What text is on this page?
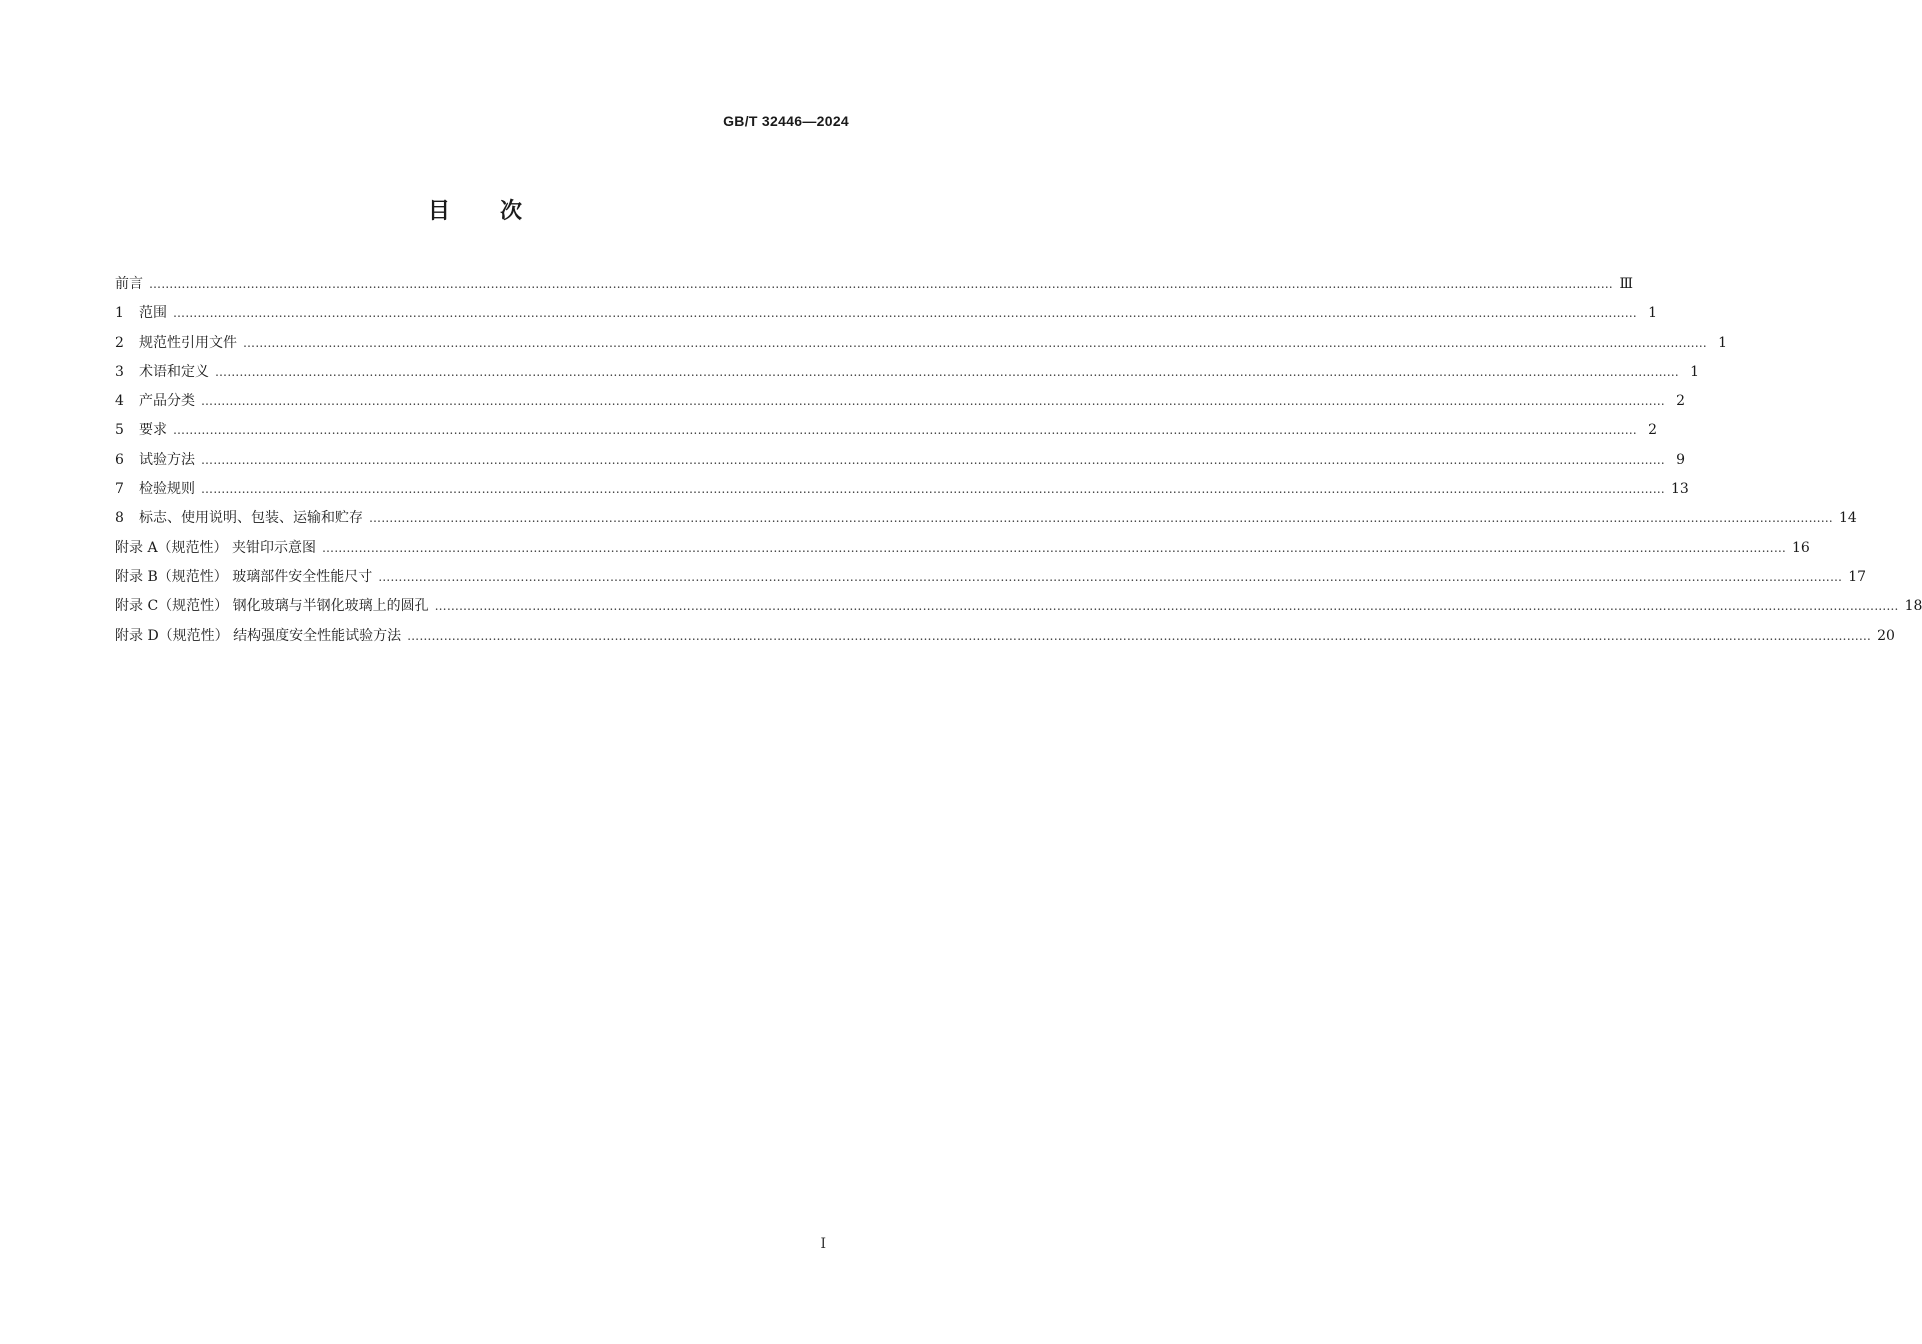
GB/T 32446—2024
目次
前言 ……………………………………………………………………………………………………………………………………………………………………………………………………………………………………………………………………………………………………………………………… Ⅲ
1	范围 ……………………………………………………………………………………………………………………………………………………………………………………………………………………………………………………………………………………………………………………………… 1
2	规范性引用文件 ……………………………………………………………………………………………………………………………………………………………………………………………………………………………………………………………………………………………………………………………… 1
3	术语和定义 ……………………………………………………………………………………………………………………………………………………………………………………………………………………………………………………………………………………………………………………………… 1
4	产品分类 ……………………………………………………………………………………………………………………………………………………………………………………………………………………………………………………………………………………………………………………………… 2
5	要求 ……………………………………………………………………………………………………………………………………………………………………………………………………………………………………………………………………………………………………………………………… 2
6	试验方法 ……………………………………………………………………………………………………………………………………………………………………………………………………………………………………………………………………………………………………………………………… 9
7	检验规则 ……………………………………………………………………………………………………………………………………………………………………………………………………………………………………………………………………………………………………………………………… 13
8	标志、使用说明、包装、运输和贮存 ……………………………………………………………………………………………………………………………………………………………………………………………………………………………………………………………………………………………………………………………… 14
附录 A（规范性） 夹钳印示意图 ……………………………………………………………………………………………………………………………………………………………………………………………………………………………………………………………………………………………………………………………… 16
附录 B（规范性） 玻璃部件安全性能尺寸 ……………………………………………………………………………………………………………………………………………………………………………………………………………………………………………………………………………………………………………………………… 17
附录 C（规范性） 钢化玻璃与半钢化玻璃上的圆孔 ……………………………………………………………………………………………………………………………………………………………………………………………………………………………………………………………………………………………………………………………… 18
附录 D（规范性） 结构强度安全性能试验方法 ……………………………………………………………………………………………………………………………………………………………………………………………………………………………………………………………………………………………………………………………… 20
I
